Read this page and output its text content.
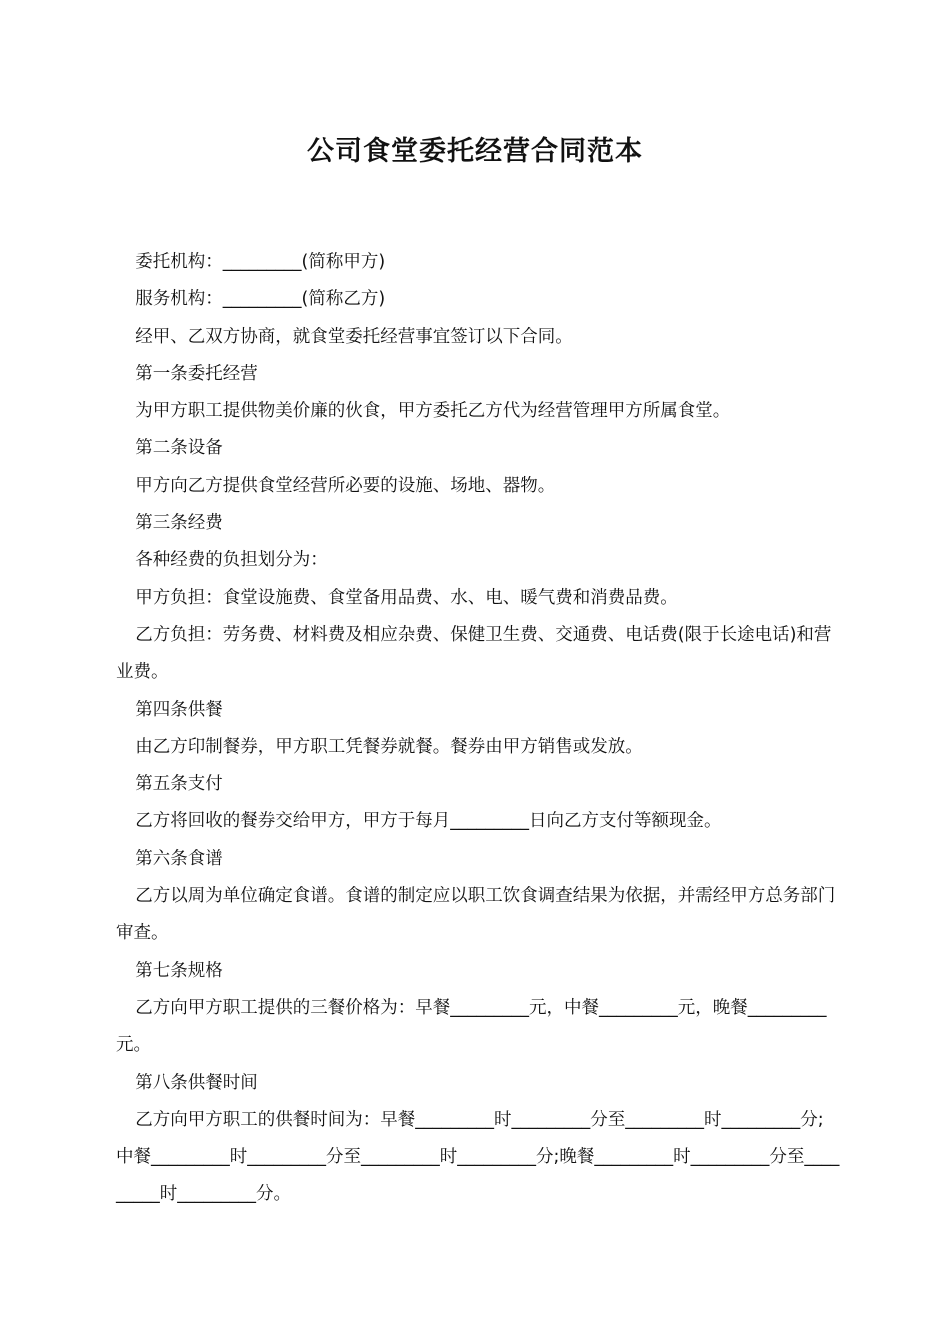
公司食堂委托经营合同范本

委托机构：_________(简称甲方)

服务机构：_________(简称乙方)

经甲、乙双方协商，就食堂委托经营事宜签订以下合同。

第一条委托经营

为甲方职工提供物美价廉的伙食，甲方委托乙方代为经营管理甲方所属食堂。

第二条设备

甲方向乙方提供食堂经营所必要的设施、场地、器物。

第三条经费

各种经费的负担划分为：

甲方负担：食堂设施费、食堂备用品费、水、电、暖气费和消费品费。

乙方负担：劳务费、材料费及相应杂费、保健卫生费、交通费、电话费(限于长途电话)和营业费。

第四条供餐

由乙方印制餐券，甲方职工凭餐券就餐。餐券由甲方销售或发放。

第五条支付

乙方将回收的餐券交给甲方，甲方于每月_________日向乙方支付等额现金。

第六条食谱

乙方以周为单位确定食谱。食谱的制定应以职工饮食调查结果为依据，并需经甲方总务部门审查。

第七条规格

乙方向甲方职工提供的三餐价格为：早餐_________元，中餐_________元，晚餐_________元。

第八条供餐时间

乙方向甲方职工的供餐时间为：早餐_________时_________分至_________时_________分;中餐_________时_________分至_________时_________分;晚餐_________时_________分至_________时_________分。
